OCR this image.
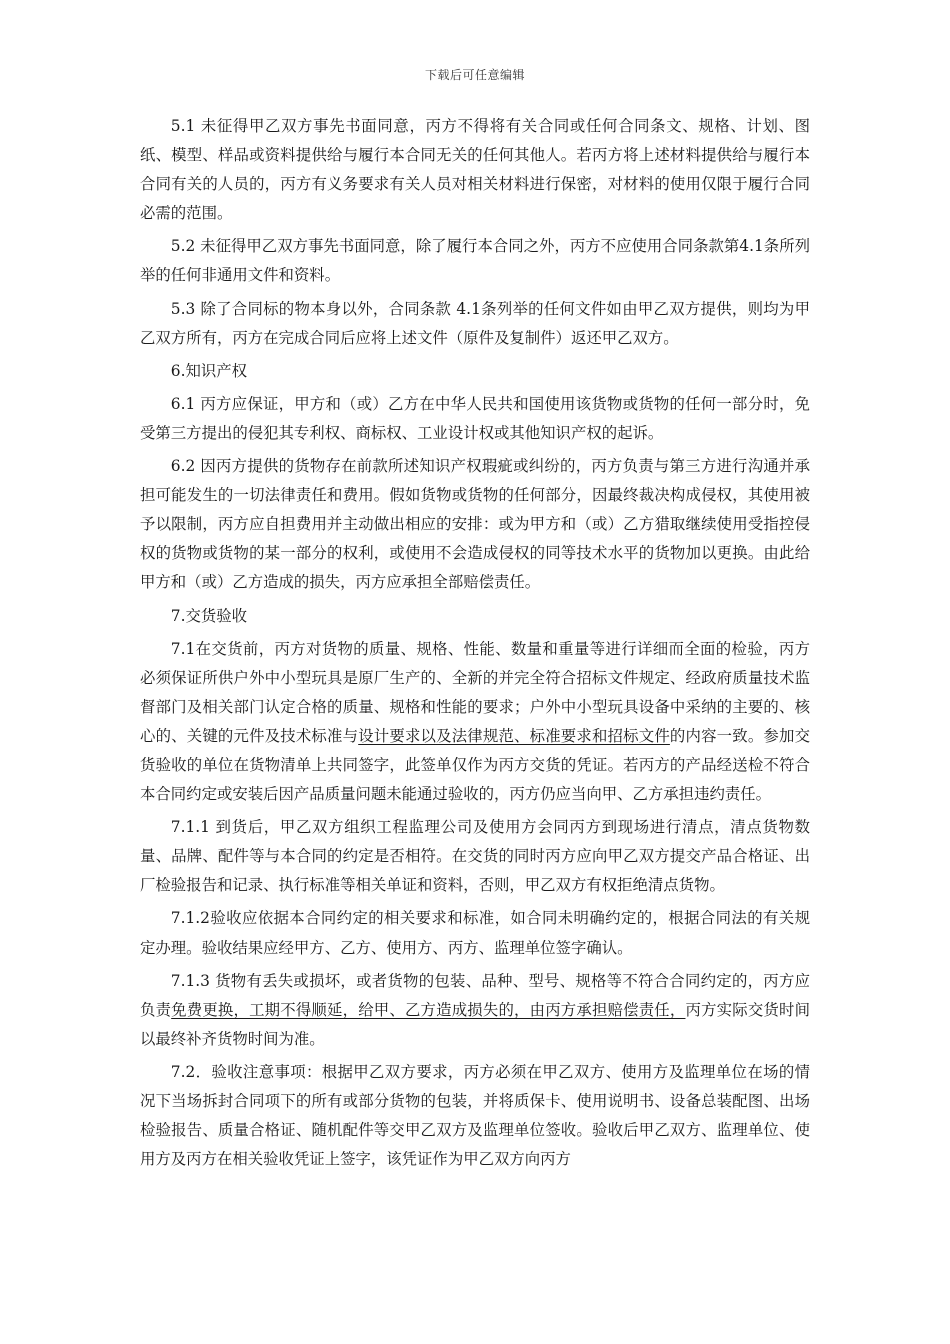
下载后可任意编辑

5.1 未征得甲乙双方事先书面同意，丙方不得将有关合同或任何合同条文、规格、计划、图纸、模型、样品或资料提供给与履行本合同无关的任何其他人。若丙方将上述材料提供给与履行本合同有关的人员的，丙方有义务要求有关人员对相关材料进行保密，对材料的使用仅限于履行合同必需的范围。

5.2 未征得甲乙双方事先书面同意，除了履行本合同之外，丙方不应使用合同条款第4.1条所列举的任何非通用文件和资料。

5.3 除了合同标的物本身以外，合同条款 4.1条列举的任何文件如由甲乙双方提供，则均为甲乙双方所有，丙方在完成合同后应将上述文件（原件及复制件）返还甲乙双方。

6.知识产权

6.1 丙方应保证，甲方和（或）乙方在中华人民共和国使用该货物或货物的任何一部分时，免受第三方提出的侵犯其专利权、商标权、工业设计权或其他知识产权的起诉。

6.2 因丙方提供的货物存在前款所述知识产权瑕疵或纠纷的，丙方负责与第三方进行沟通并承担可能发生的一切法律责任和费用。假如货物或货物的任何部分，因最终裁决构成侵权，其使用被予以限制，丙方应自担费用并主动做出相应的安排：或为甲方和（或）乙方猎取继续使用受指控侵权的货物或货物的某一部分的权利，或使用不会造成侵权的同等技术水平的货物加以更换。由此给甲方和（或）乙方造成的损失，丙方应承担全部赔偿责任。

7.交货验收

7.1在交货前，丙方对货物的质量、规格、性能、数量和重量等进行详细而全面的检验，丙方必须保证所供户外中小型玩具是原厂生产的、全新的并完全符合招标文件规定、经政府质量技术监督部门及相关部门认定合格的质量、规格和性能的要求；户外中小型玩具设备中采纳的主要的、核心的、关键的元件及技术标准与设计要求以及法律规范、标准要求和招标文件的内容一致。参加交货验收的单位在货物清单上共同签字，此签单仅作为丙方交货的凭证。若丙方的产品经送检不符合本合同约定或安装后因产品质量问题未能通过验收的，丙方仍应当向甲、乙方承担违约责任。

7.1.1 到货后，甲乙双方组织工程监理公司及使用方会同丙方到现场进行清点，清点货物数量、品牌、配件等与本合同的约定是否相符。在交货的同时丙方应向甲乙双方提交产品合格证、出厂检验报告和记录、执行标准等相关单证和资料，否则，甲乙双方有权拒绝清点货物。

7.1.2验收应依据本合同约定的相关要求和标准，如合同未明确约定的，根据合同法的有关规定办理。验收结果应经甲方、乙方、使用方、丙方、监理单位签字确认。

7.1.3 货物有丢失或损坏，或者货物的包装、品种、型号、规格等不符合合同约定的，丙方应负责免费更换，工期不得顺延，给甲、乙方造成损失的，由丙方承担赔偿责任，丙方实际交货时间以最终补齐货物时间为准。

7.2．验收注意事项：根据甲乙双方要求，丙方必须在甲乙双方、使用方及监理单位在场的情况下当场拆封合同项下的所有或部分货物的包装，并将质保卡、使用说明书、设备总装配图、出场检验报告、质量合格证、随机配件等交甲乙双方及监理单位签收。验收后甲乙双方、监理单位、使用方及丙方在相关验收凭证上签字，该凭证作为甲乙双方向丙方
